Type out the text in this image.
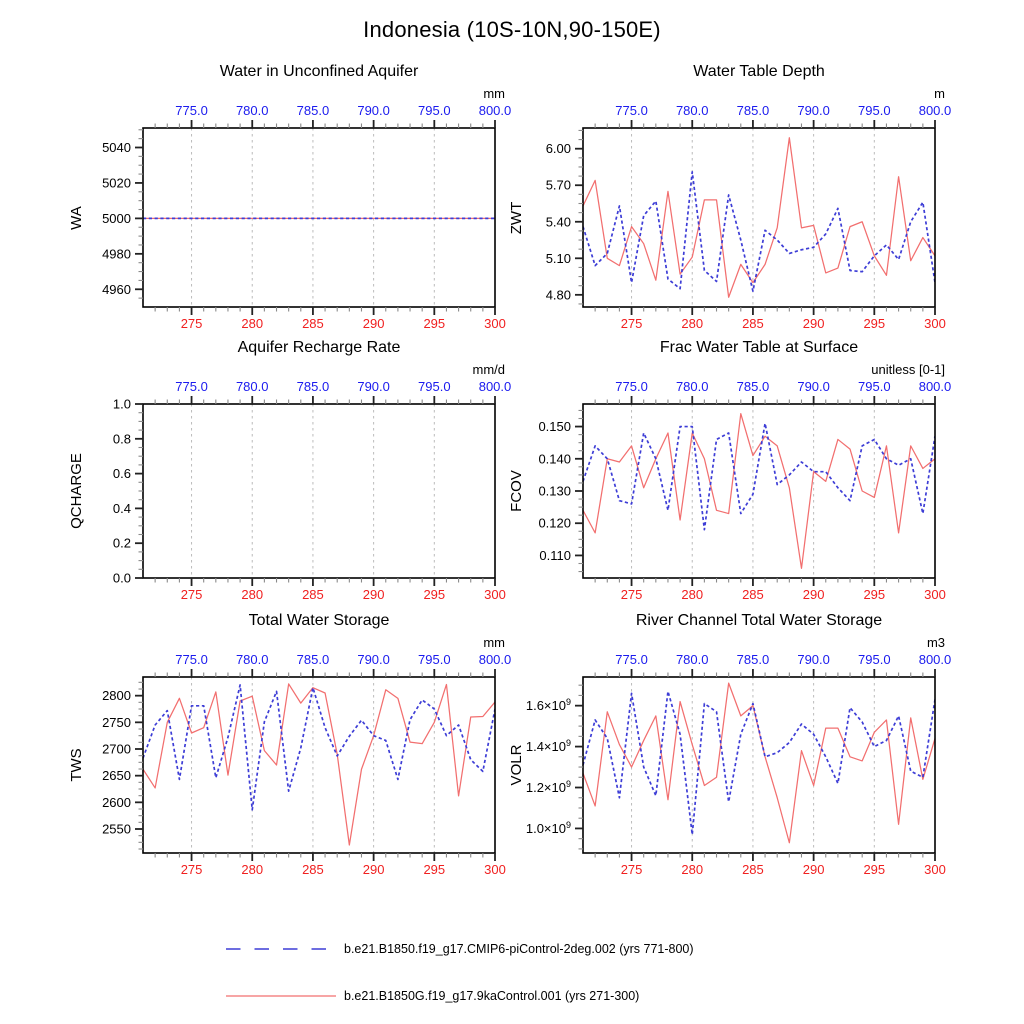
Indonesia (10S-10N,90-150E)
Water in Unconfined Aquifer
mm
WA
775.0 780.0 785.0 790.0 795.0 800.0
275	280	285	290	295	300
4960
4980
5000
5020
5040
Water Table Depth
m
ZWT
775.0 780.0 785.0 790.0 795.0 800.0
275	280	285	290	295	300
4.80
5.10
5.40
5.70
6.00
Aquifer Recharge Rate
mm/d
QCHARGE
775.0 780.0 785.0 790.0 795.0 800.0
275	280	285	290	295	300
0.0
0.2
0.4
0.6
0.8
1.0
Frac Water Table at Surface
unitless [0-1]
FCOV
775.0 780.0 785.0 790.0 795.0 800.0
275	280	285	290	295	300
0.110
0.120
0.130
0.140
0.150
Total Water Storage
mm
TWS
775.0 780.0 785.0 790.0 795.0 800.0
275	280	285	290	295	300
2550
2600
2650
2700
2750
2800
River Channel Total Water Storage
m3
VOLR
775.0 780.0 785.0 790.0 795.0 800.0
275	280	285	290	295	300
$1.0\times 10^9$
$1.2\times 10^9$
$1.4\times 10^9$
$1.6\times 10^9$
b.e21.B1850.f19_g17.CMIP6-piControl-2deg.002 (yrs 771-800)
b.e21.B1850G.f19_g17.9kaControl.001 (yrs 271-300)
